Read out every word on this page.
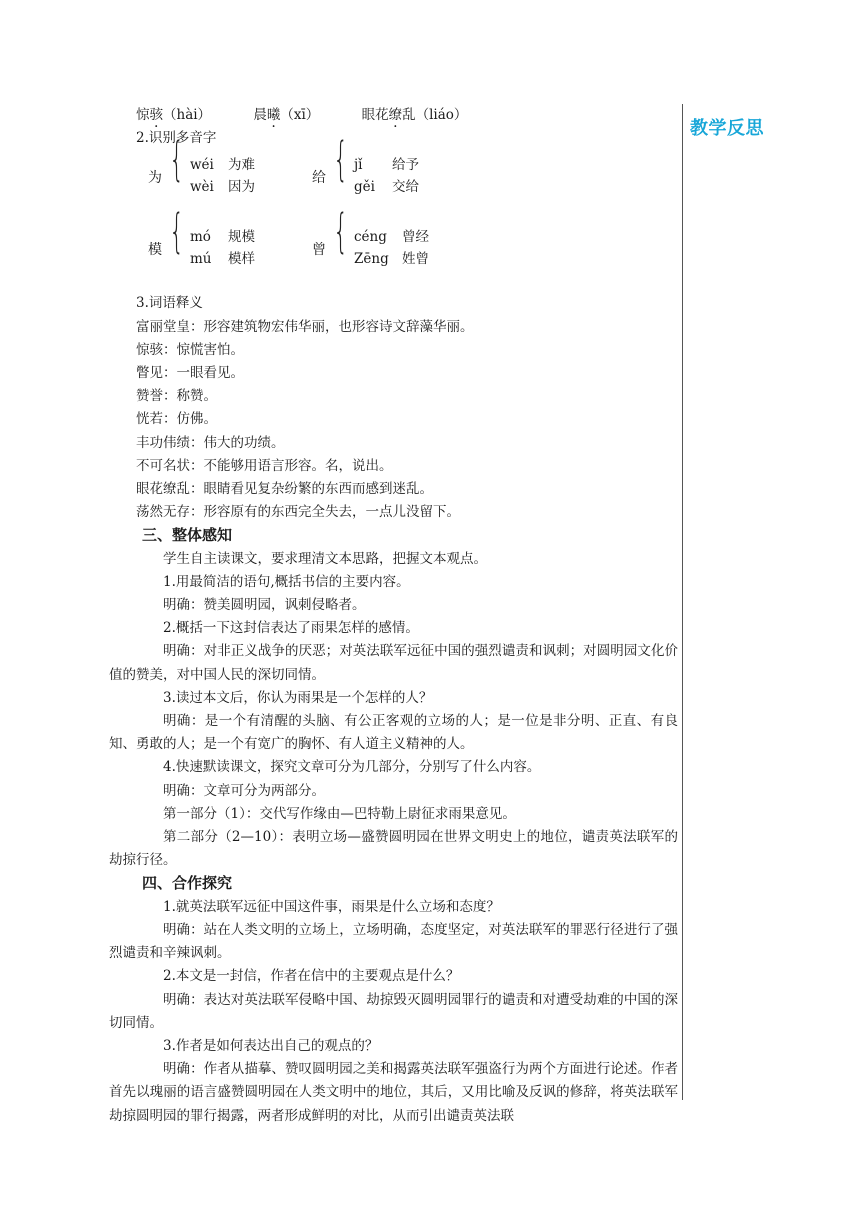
教学反思
惊骇（hài）	晨曦（xī）	眼花缭乱（liáo）
2.识别多音字
为 { wéi 为难
wèi 因为
给 { jǐ 给予
gěi 交给
模 { mó 规模
mú 模样
曾 { céng 曾经
Zēng 姓曾
3.词语释义
富丽堂皇：形容建筑物宏伟华丽，也形容诗文辞藻华丽。
惊骇：惊慌害怕。
瞥见：一眼看见。
赞誉：称赞。
恍若：仿佛。
丰功伟绩：伟大的功绩。
不可名状：不能够用语言形容。名，说出。
眼花缭乱：眼睛看见复杂纷繁的东西而感到迷乱。
荡然无存：形容原有的东西完全失去，一点儿没留下。
三、整体感知
学生自主读课文，要求理清文本思路，把握文本观点。
1.用最简洁的语句,概括书信的主要内容。
明确：赞美圆明园，讽刺侵略者。
2.概括一下这封信表达了雨果怎样的感情。
明确：对非正义战争的厌恶；对英法联军远征中国的强烈谴责和讽刺；对圆明园文化价值的赞美，对中国人民的深切同情。
3.读过本文后，你认为雨果是一个怎样的人？
明确：是一个有清醒的头脑、有公正客观的立场的人；是一位是非分明、正直、有良知、勇敢的人；是一个有宽广的胸怀、有人道主义精神的人。
4.快速默读课文，探究文章可分为几部分，分别写了什么内容。
明确：文章可分为两部分。
第一部分（1）：交代写作缘由—巴特勒上尉征求雨果意见。
第二部分（2—10）：表明立场—盛赞圆明园在世界文明史上的地位，谴责英法联军的劫掠行径。
四、合作探究
1.就英法联军远征中国这件事，雨果是什么立场和态度？
明确：站在人类文明的立场上，立场明确，态度坚定，对英法联军的罪恶行径进行了强烈谴责和辛辣讽刺。
2.本文是一封信，作者在信中的主要观点是什么？
明确：表达对英法联军侵略中国、劫掠毁灭圆明园罪行的谴责和对遭受劫难的中国的深切同情。
3.作者是如何表达出自己的观点的？
明确：作者从描摹、赞叹圆明园之美和揭露英法联军强盗行为两个方面进行论述。作者首先以瑰丽的语言盛赞圆明园在人类文明中的地位，其后，又用比喻及反讽的修辞，将英法联军劫掠圆明园的罪行揭露，两者形成鲜明的对比，从而引出谴责英法联
